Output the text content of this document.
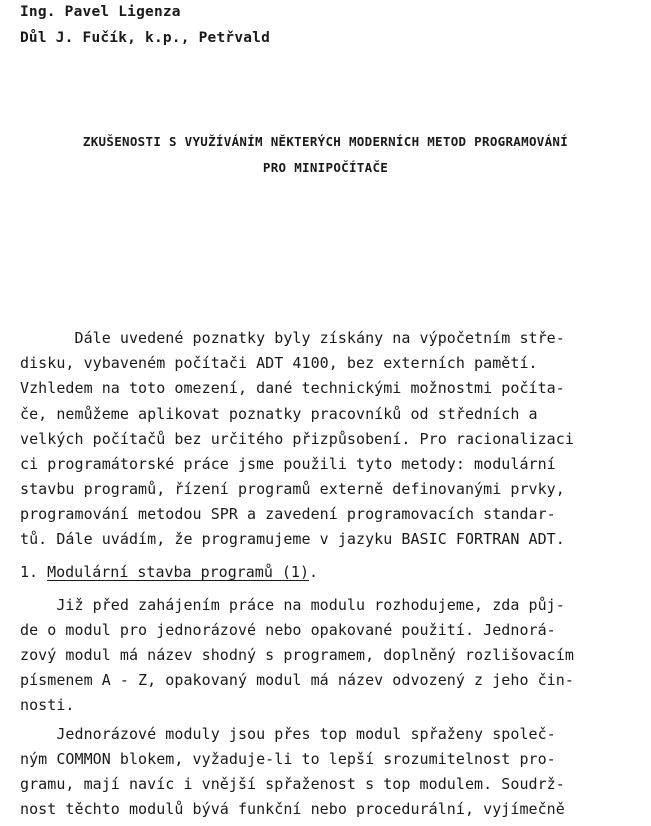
Ing. Pavel Ligenza
Důl J. Fučík, k.p., Petřvald
ZKUŠENOSTI S VYUŽÍVÁNÍM NĚKTERÝCH MODERNÍCH METOD PROGRAMOVÁNÍ
PRO MINIPOČÍTAČE
Dále uvedené poznatky byly získány na výpočetním stře-
disku, vybaveném počítači ADT 4100, bez externích pamětí.
Vzhledem na toto omezení, dané technickými možnostmi počíta-
če, nemůžeme aplikovat poznatky pracovníků od středních a
velkých počítačů bez určitého přizpůsobení. Pro racionalizaci
ci programátorské práce jsme použili tyto metody: modulární
stavbu programů, řízení programů externě definovanými prvky,
programování metodou SPR a zavedení programovacích standar-
tů. Dále uvádím, že programujeme v jazyku BASIC FORTRAN ADT.
1. Modulární stavba programů (1).
Již před zahájením práce na modulu rozhodujeme, zda půj-
de o modul pro jednorázové nebo opakované použití. Jednorá-
zový modul má název shodný s programem, doplněný rozlišovacím
písmenem A - Z, opakovaný modul má název odvozený z jeho čin-
nosti.
Jednorázové moduly jsou přes top modul spřaženy společ-
ným COMMON blokem, vyžaduje-li to lepší srozumitelnost pro-
gramu, mají navíc i vnější spřaženost s top modulem. Soudrž-
nost těchto modulů bývá funkční nebo procedurální, vyjímečně
